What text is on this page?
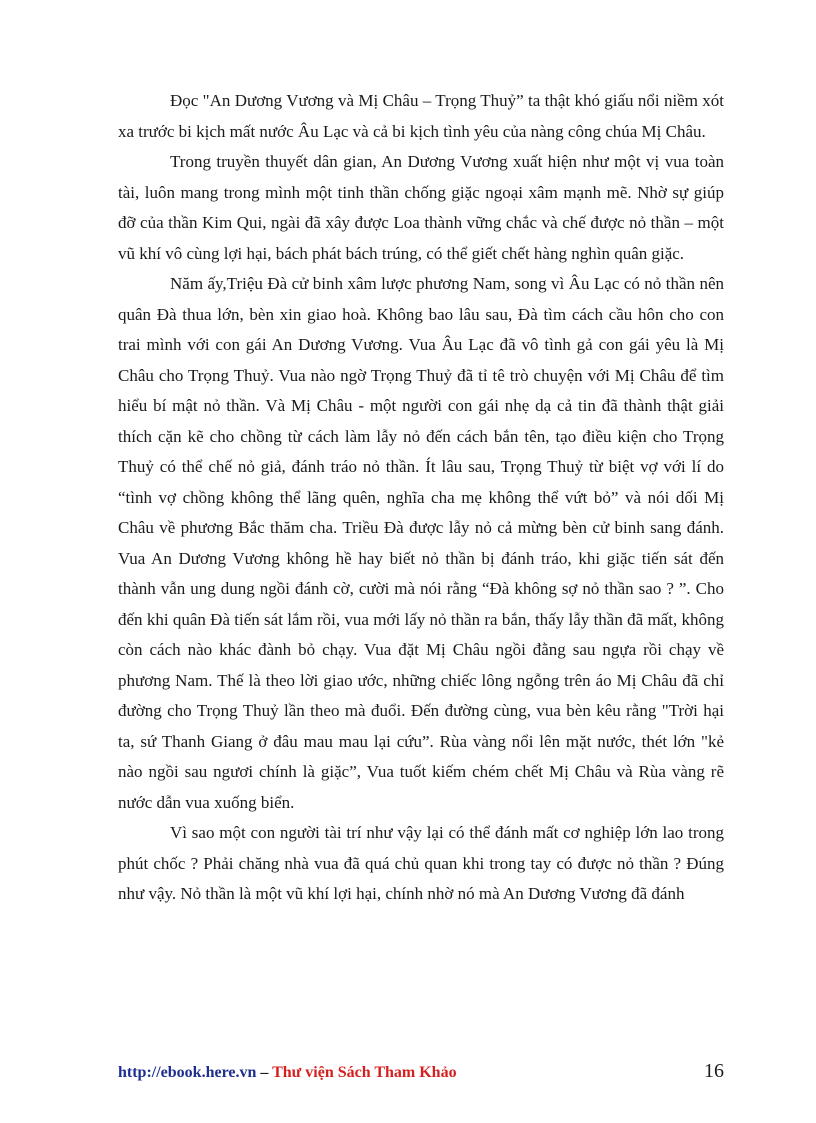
Đọc "An Dương Vương và Mị Châu – Trọng Thuỷ” ta thật khó giấu nổi niềm xót xa trước bi kịch mất nước Âu Lạc và cả bi kịch tình yêu của nàng công chúa Mị Châu.

Trong truyền thuyết dân gian, An Dương Vương xuất hiện như một vị vua toàn tài, luôn mang trong mình một tinh thần chống giặc ngoại xâm mạnh mẽ. Nhờ sự giúp đỡ của thần Kim Qui, ngài đã xây được Loa thành vững chắc và chế được nỏ thần – một vũ khí vô cùng lợi hại, bách phát bách trúng, có thể giết chết hàng nghìn quân giặc.

Năm ấy,Triệu Đà cử binh xâm lược phương Nam, song vì Âu Lạc có nỏ thần nên quân Đà thua lớn, bèn xin giao hoà. Không bao lâu sau, Đà tìm cách cầu hôn cho con trai mình với con gái An Dương Vương. Vua Âu Lạc đã vô tình gả con gái yêu là Mị Châu cho Trọng Thuỷ. Vua nào ngờ Trọng Thuỷ đã tỉ tê trò chuyện với Mị Châu để tìm hiểu bí mật nỏ thần. Và Mị Châu - một người con gái nhẹ dạ cả tin đã thành thật giải thích cặn kẽ cho chồng từ cách làm lẫy nỏ đến cách bắn tên, tạo điều kiện cho Trọng Thuỷ có thể chế nỏ giả, đánh tráo nỏ thần. Ít lâu sau, Trọng Thuỷ từ biệt vợ với lí do “tình vợ chồng không thể lãng quên, nghĩa cha mẹ không thể vứt bỏ” và nói dối Mị Châu về phương Bắc thăm cha. Triều Đà được lẫy nỏ cả mừng bèn cử binh sang đánh. Vua An Dương Vương không hề hay biết nỏ thần bị đánh tráo, khi giặc tiến sát đến thành vẫn ung dung ngồi đánh cờ, cười mà nói rằng “Đà không sợ nỏ thần sao ? ”. Cho đến khi quân Đà tiến sát lắm rồi, vua mới lấy nỏ thần ra bắn, thấy lẫy thần đã mất, không còn cách nào khác đành bỏ chạy. Vua đặt Mị Châu ngồi đằng sau ngựa rồi chạy về phương Nam. Thế là theo lời giao ước, những chiếc lông ngỗng trên áo Mị Châu đã chỉ đường cho Trọng Thuỷ lần theo mà đuổi. Đến đường cùng, vua bèn kêu rằng "Trời hại ta, sứ Thanh Giang ở đâu mau mau lại cứu”. Rùa vàng nổi lên mặt nước, thét lớn "kẻ nào ngồi sau ngươi chính là giặc”, Vua tuốt kiếm chém chết Mị Châu và Rùa vàng rẽ nước dẫn vua xuống biển.

Vì sao một con người tài trí như vậy lại có thể đánh mất cơ nghiệp lớn lao trong phút chốc ? Phải chăng nhà vua đã quá chủ quan khi trong tay có được nỏ thần ? Đúng như vậy. Nỏ thần là một vũ khí lợi hại, chính nhờ nó mà An Dương Vương đã đánh

http://ebook.here.vn – Thư viện Sách Tham Khảo	16
